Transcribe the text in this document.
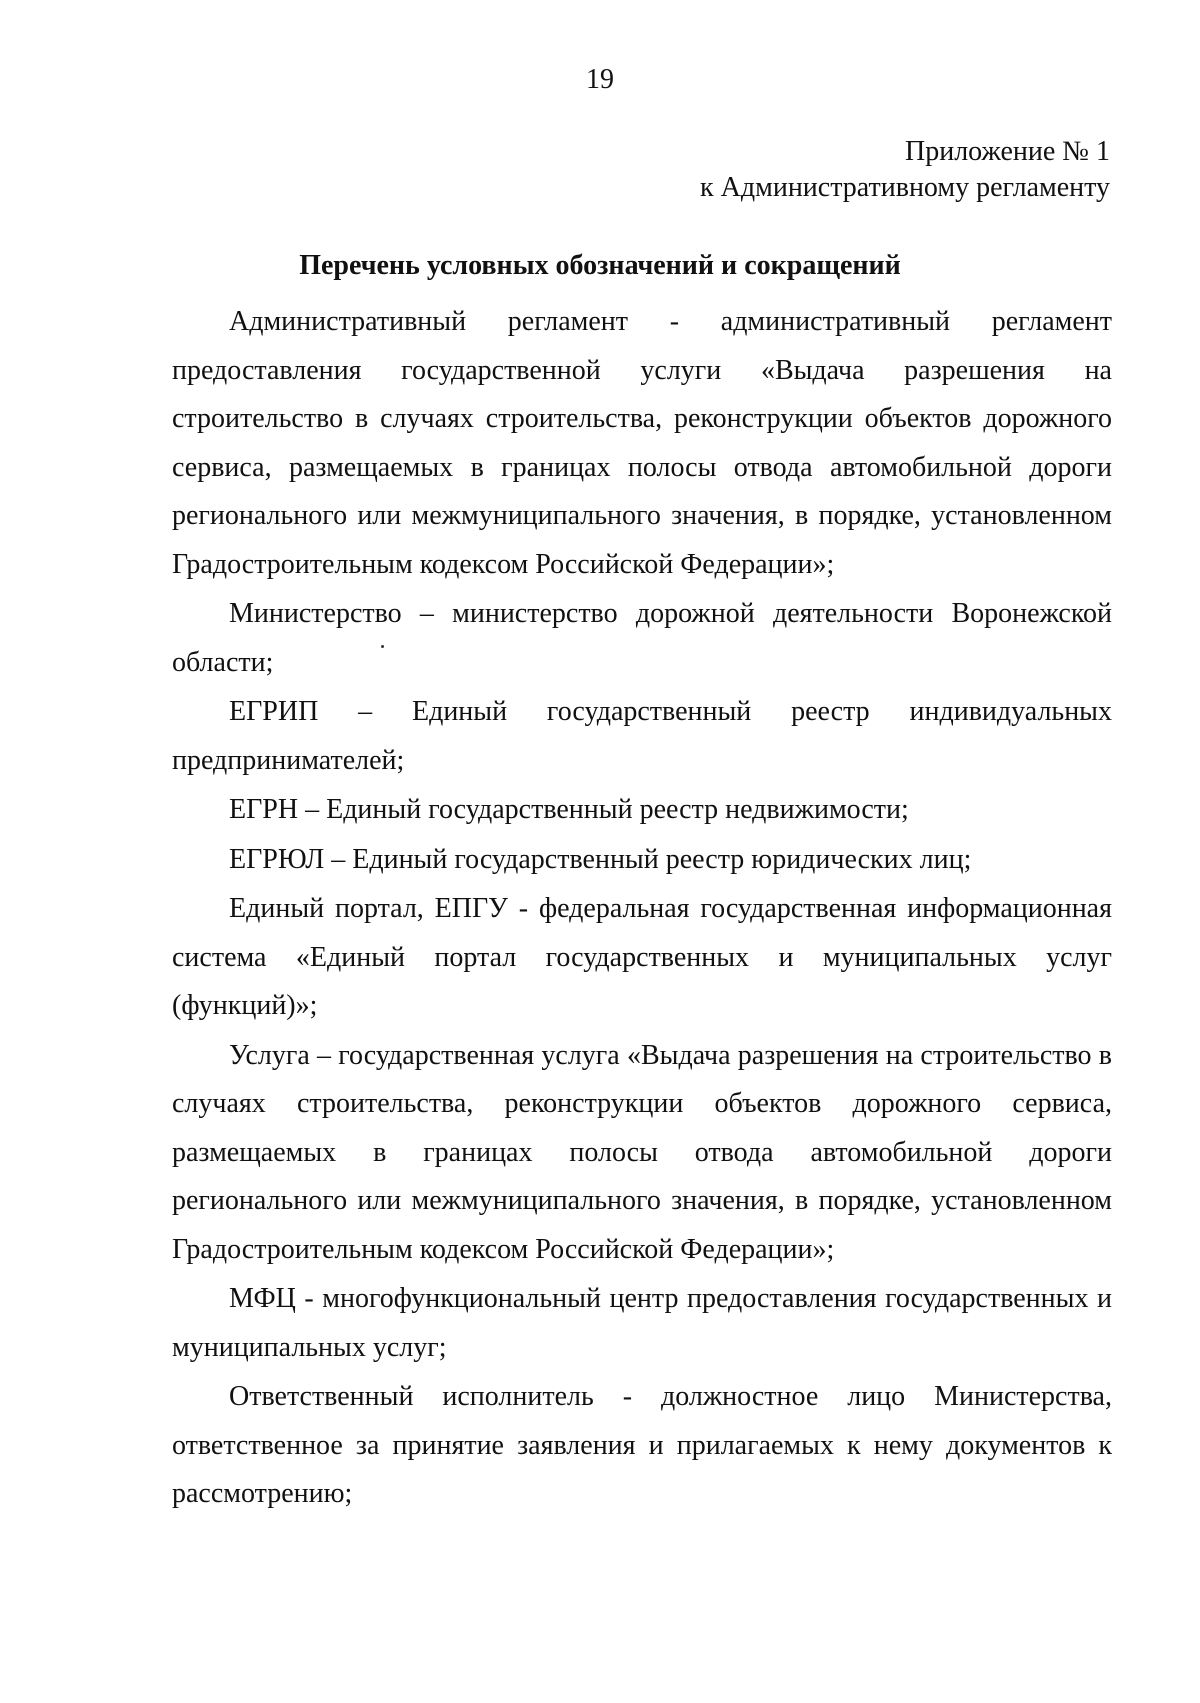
19
Приложение № 1
к Административному регламенту
Перечень условных обозначений и сокращений

Административный регламент - административный регламент предоставления государственной услуги «Выдача разрешения на строительство в случаях строительства, реконструкции объектов дорожного сервиса, размещаемых в границах полосы отвода автомобильной дороги регионального или межмуниципального значения, в порядке, установленном Градостроительным кодексом Российской Федерации»;

Министерство – министерство дорожной деятельности Воронежской области;

ЕГРИП – Единый государственный реестр индивидуальных предпринимателей;

ЕГРН – Единый государственный реестр недвижимости;

ЕГРЮЛ – Единый государственный реестр юридических лиц;

Единый портал, ЕПГУ - федеральная государственная информационная система «Единый портал государственных и муниципальных услуг (функций)»;

Услуга – государственная услуга «Выдача разрешения на строительство в случаях строительства, реконструкции объектов дорожного сервиса, размещаемых в границах полосы отвода автомобильной дороги регионального или межмуниципального значения, в порядке, установленном Градостроительным кодексом Российской Федерации»;

МФЦ - многофункциональный центр предоставления государственных и муниципальных услуг;

Ответственный исполнитель - должностное лицо Министерства, ответственное за принятие заявления и прилагаемых к нему документов к рассмотрению;
